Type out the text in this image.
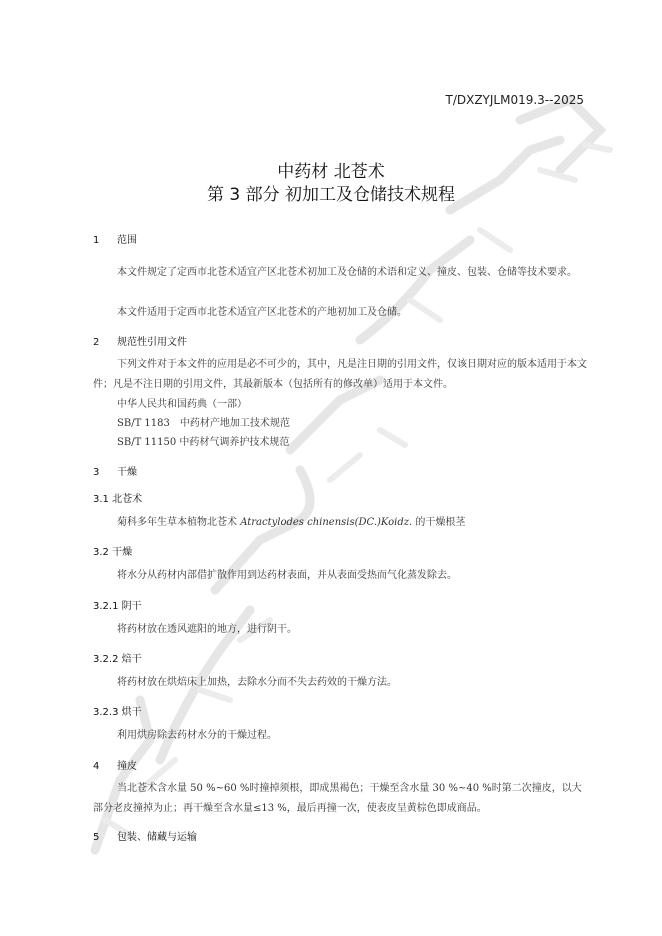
T/DXZYJLM019.3--2025
中药材 北苍术
第 3 部分 初加工及仓储技术规程
1 范围
本文件规定了定西市北苍术适宜产区北苍术初加工及仓储的术语和定义、撞皮、包装、仓储等技术要求。
本文件适用于定西市北苍术适宜产区北苍术的产地初加工及仓储。
2 规范性引用文件
下列文件对于本文件的应用是必不可少的，其中，凡是注日期的引用文件，仅该日期对应的版本适用于本文件；凡是不注日期的引用文件，其最新版本（包括所有的修改单）适用于本文件。
中华人民共和国药典（一部）
SB/T 1183　中药材产地加工技术规范
SB/T 11150 中药材气调养护技术规范
3 干燥
3.1 北苍术
菊科多年生草本植物北苍术 Atractylodes chinensis(DC.)Koidz. 的干燥根茎
3.2 干燥
将水分从药材内部借扩散作用到达药材表面，并从表面受热而气化蒸发除去。
3.2.1 阴干
将药材放在透风遮阳的地方，进行阴干。
3.2.2 焙干
将药材放在烘焙床上加热，去除水分而不失去药效的干燥方法。
3.2.3 烘干
利用烘房除去药材水分的干燥过程。
4 撞皮
当北苍术含水量 50 %~60 %时撞掉须根，即成黑褐色；干燥至含水量 30 %~40 %时第二次撞皮，以大部分老皮撞掉为止；再干燥至含水量≤13 %，最后再撞一次，使表皮呈黄棕色即成商品。
5 包装、储藏与运输
